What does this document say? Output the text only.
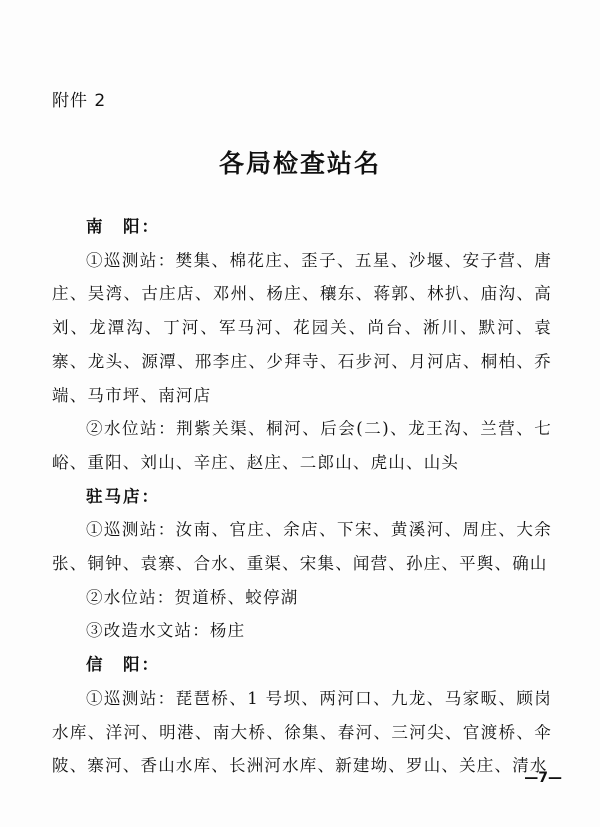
附件 2
各局检查站名
南　阳：
①巡测站：樊集、棉花庄、歪子、五星、沙堰、安子营、唐庄、吴湾、古庄店、邓州、杨庄、穰东、蒋郭、林扒、庙沟、高刘、龙潭沟、丁河、军马河、花园关、尚台、淅川、默河、袁寨、龙头、源潭、邢李庄、少拜寺、石步河、月河店、桐柏、乔端、马市坪、南河店
②水位站：荆紫关渠、桐河、后会(二)、龙王沟、兰营、七峪、重阳、刘山、辛庄、赵庄、二郎山、虎山、山头
驻马店：
①巡测站：汝南、官庄、余店、下宋、黄溪河、周庄、大余张、铜钟、袁寨、合水、重渠、宋集、闻营、孙庄、平舆、确山
②水位站：贺道桥、蛟停湖
③改造水文站：杨庄
信　阳：
①巡测站：琵琶桥、1 号坝、两河口、九龙、马家畈、顾岗水库、洋河、明港、南大桥、徐集、春河、三河尖、官渡桥、伞陂、寨河、香山水库、长洲河水库、新建坳、罗山、关庄、清水
—7—
